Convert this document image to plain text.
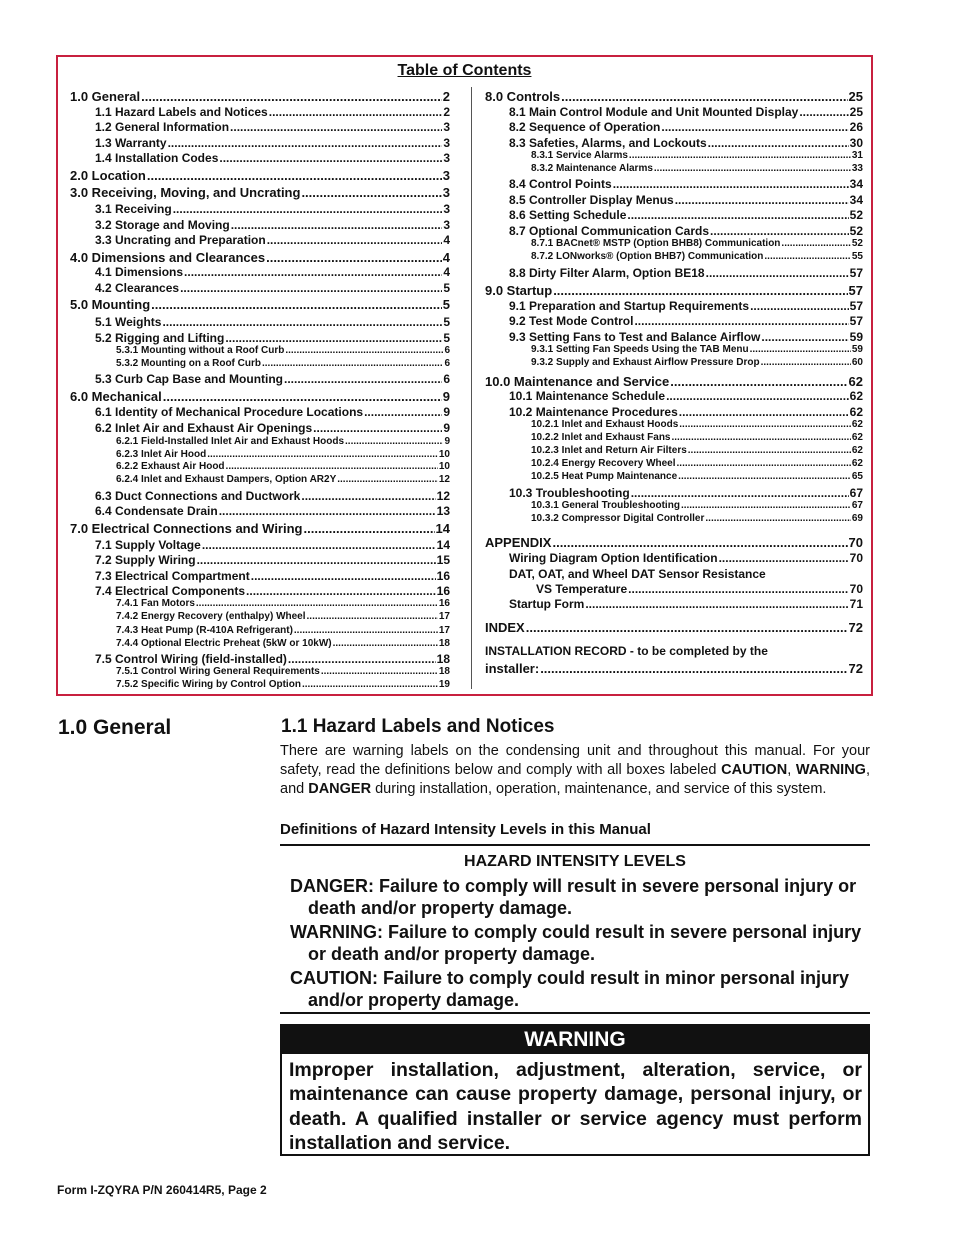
Table of Contents
1.0 General .....	2
1.1 Hazard Labels and Notices .....	2
1.2 General Information .....	3
1.3 Warranty .....	3
1.4 Installation Codes .....	3
2.0 Location .....	3
3.0 Receiving, Moving, and Uncrating .....	3
3.1 Receiving .....	3
3.2 Storage and Moving .....	3
3.3 Uncrating and Preparation .....	4
4.0 Dimensions and Clearances .....	4
4.1 Dimensions .....	4
4.2 Clearances .....	5
5.0 Mounting .....	5
5.1 Weights .....	5
5.2 Rigging and Lifting .....	5
5.3.1 Mounting without a Roof Curb .....	6
5.3.2 Mounting on a Roof Curb .....	6
5.3 Curb Cap Base and Mounting .....	6
6.0 Mechanical .....	9
6.1 Identity of Mechanical Procedure Locations .....	9
6.2 Inlet Air and Exhaust Air Openings .....	9
6.2.1 Field-Installed Inlet Air and Exhaust Hoods .....	9
6.2.3 Inlet Air Hood .....	10
6.2.2 Exhaust Air Hood .....	10
6.2.4 Inlet and Exhaust Dampers, Option AR2Y .....	12
6.3 Duct Connections and Ductwork .....	12
6.4 Condensate Drain .....	13
7.0 Electrical Connections and Wiring .....	14
7.1 Supply Voltage .....	14
7.2 Supply Wiring .....	15
7.3 Electrical Compartment .....	16
7.4 Electrical Components .....	16
7.4.1 Fan Motors .....	16
7.4.2 Energy Recovery (enthalpy) Wheel .....	17
7.4.3 Heat Pump (R-410A Refrigerant) .....	17
7.4.4 Optional Electric Preheat (5kW or 10kW) .....	18
7.5 Control Wiring (field-installed) .....	18
7.5.1 Control Wiring General Requirements .....	18
7.5.2 Specific Wiring by Control Option .....	19
8.0 Controls .....	25
8.1 Main Control Module and Unit Mounted Display .....	25
8.2 Sequence of Operation .....	26
8.3 Safeties, Alarms, and Lockouts .....	30
8.3.1 Service Alarms .....	31
8.3.2 Maintenance Alarms .....	33
8.4 Control Points .....	34
8.5 Controller Display Menus .....	34
8.6 Setting Schedule .....	52
8.7 Optional Communication Cards .....	52
8.7.1 BACnet® MSTP (Option BHB8) Communication .....	52
8.7.2 LONworks® (Option BHB7) Communication .....	55
8.8 Dirty Filter Alarm, Option BE18 .....	57
9.0 Startup .....	57
9.1 Preparation and Startup Requirements .....	57
9.2 Test Mode Control .....	57
9.3 Setting Fans to Test and Balance Airflow .....	59
9.3.1 Setting Fan Speeds Using the TAB Menu .....	59
9.3.2 Supply and Exhaust Airflow Pressure Drop .....	60
10.0 Maintenance and Service .....	62
10.1 Maintenance Schedule .....	62
10.2 Maintenance Procedures .....	62
10.2.1 Inlet and Exhaust Hoods .....	62
10.2.2 Inlet and Exhaust Fans .....	62
10.2.3 Inlet and Return Air Filters .....	62
10.2.4 Energy Recovery Wheel .....	62
10.2.5 Heat Pump Maintenance .....	65
10.3 Troubleshooting .....	67
10.3.1 General Troubleshooting .....	67
10.3.2 Compressor Digital Controller .....	69
APPENDIX .....	70
Wiring Diagram Option Identification .....	70
DAT, OAT, and Wheel DAT Sensor Resistance
VS Temperature .....	70
Startup Form .....	71
INDEX .....	72
INSTALLATION RECORD - to be completed by the
installer: .....	72
1.0 General	1.1 Hazard Labels and Notices

There are warning labels on the condensing unit and throughout this manual. For your safety, read the definitions below and comply with all boxes labeled CAUTION, WARNING, and DANGER during installation, operation, maintenance, and service of this system.

Definitions of Hazard Intensity Levels in this Manual
HAZARD INTENSITY LEVELS
DANGER: Failure to comply will result in severe personal injury or death and/or property damage.
WARNING: Failure to comply could result in severe personal injury or death and/or property damage.
CAUTION: Failure to comply could result in minor personal injury and/or property damage.
WARNING
Improper installation, adjustment, alteration, service, or maintenance can cause property damage, personal injury, or death. A qualified installer or service agency must perform installation and service.
Form I-ZQYRA P/N 260414R5, Page 2
